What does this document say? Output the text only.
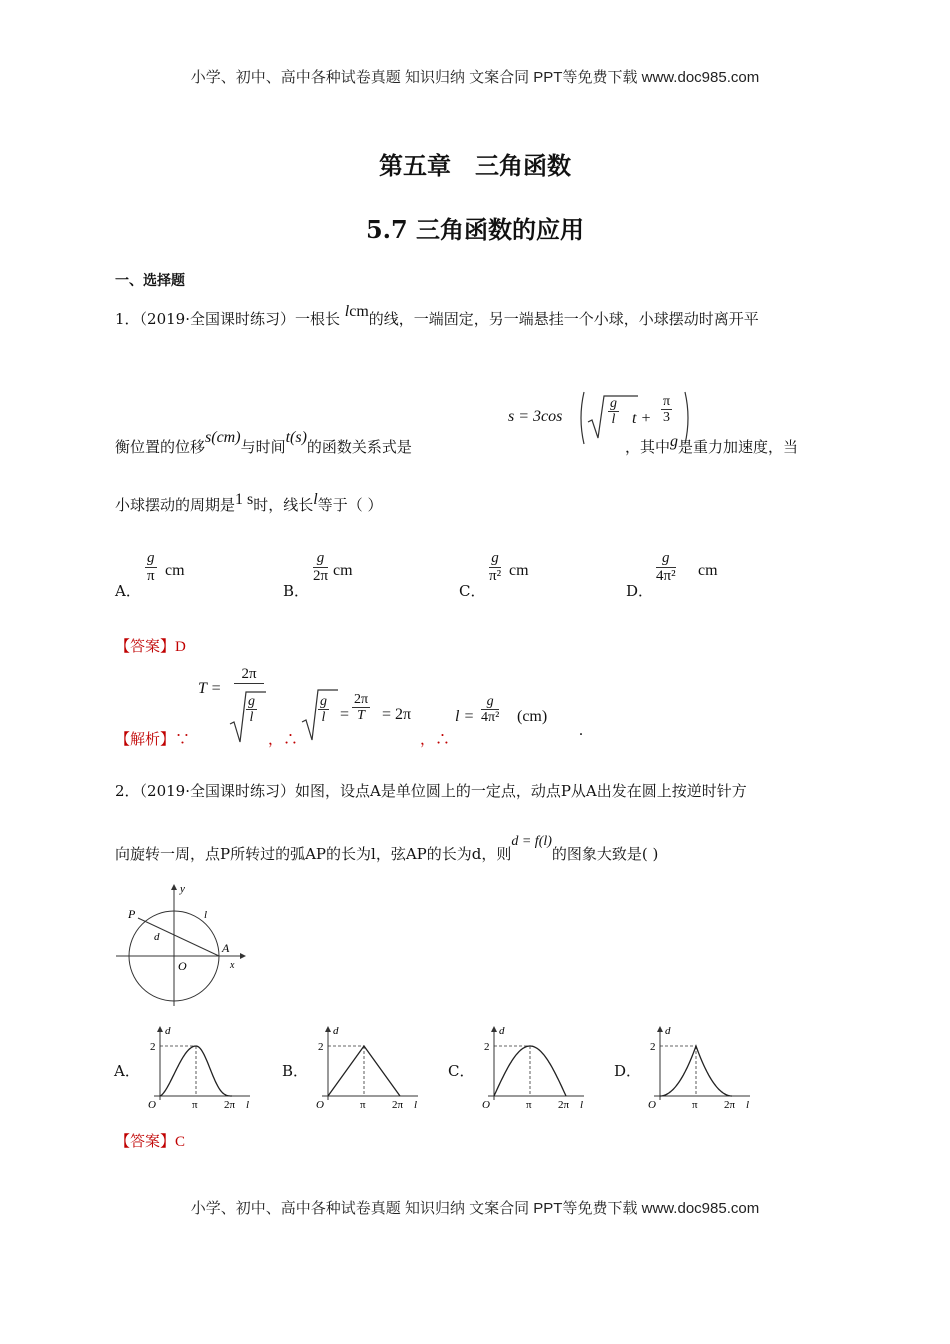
小学、初中、高中各种试卷真题 知识归纳 文案合同 PPT等免费下载 www.doc985.com
第五章　三角函数
5.7 三角函数的应用
一、选择题
1．（2019·全国课时练习）一根长 lcm的线，一端固定，另一端悬挂一个小球，小球摆动时离开平
衡位置的位移s(cm)与时间t(s)的函数关系式是
s = 3cos	$\frac{g}{l}$ $t + \frac{\pi}{3}$
，其中g是重力加速度，当
小球摆动的周期是1 s时，线长l等于（ ）
A．
$\frac{g}{\pi}$ cm
B．
$\frac{g}{2\pi}$ cm
C．
$\frac{g}{\text{π²}}$ cm
D．
$\frac{g}{\text{4π²}}$ cm
【答案】D
【解析】∵
T =
2π
$\frac{g}{l}$
，∴
$\frac{g}{l} = \frac{2\pi}{T} = 2\pi$
，∴
$l = \frac{g}{\text{4π²}} (cm)$
.
2．（2019·全国课时练习）如图，设点A是单位圆上的一定点，动点P从A出发在圆上按逆时针方
向旋转一周，点P所转过的弧AP的长为l，弦AP的长为d，则d = f(l)的图象大致是( )
y
x
P
A
O
d
l
A．
d
2
O	π 2π l
B．
d
2
O	π 2π l
C．
d
2
O	π 2π l
D．
d
2
O	π 2π l
【答案】C
小学、初中、高中各种试卷真题 知识归纳 文案合同 PPT等免费下载 www.doc985.com
